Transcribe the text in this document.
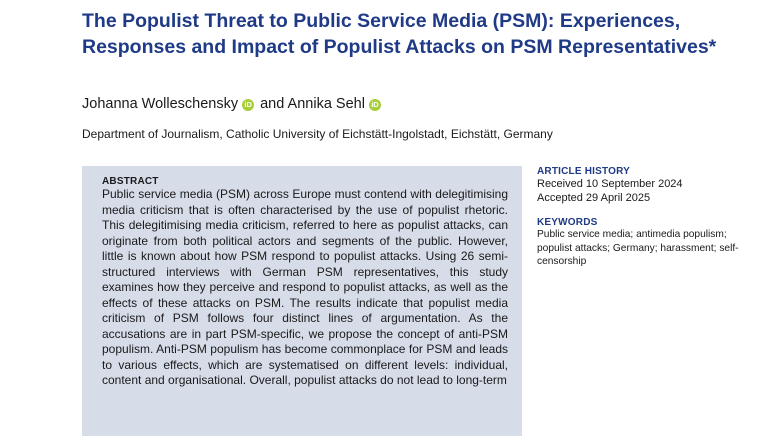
The Populist Threat to Public Service Media (PSM): Experiences, Responses and Impact of Populist Attacks on PSM Representatives*
Johanna Wolleschensky iD and Annika Sehl iD
Department of Journalism, Catholic University of Eichstätt-Ingolstadt, Eichstätt, Germany
ABSTRACT

Public service media (PSM) across Europe must contend with delegitimising media criticism that is often characterised by the use of populist rhetoric. This delegitimising media criticism, referred to here as populist attacks, can originate from both political actors and segments of the public. However, little is known about how PSM respond to populist attacks. Using 26 semi-structured interviews with German PSM representatives, this study examines how they perceive and respond to populist attacks, as well as the effects of these attacks on PSM. The results indicate that populist media criticism of PSM follows four distinct lines of argumentation. As the accusations are in part PSM-specific, we propose the concept of anti-PSM populism. Anti-PSM populism has become commonplace for PSM and leads to various effects, which are systematised on different levels: individual, content and organisational. Overall, populist attacks do not lead to long-term

ARTICLE HISTORY
Received 10 September 2024
Accepted 29 April 2025
KEYWORDS
Public service media; antimedia populism; populist attacks; Germany; harassment; self-censorship
